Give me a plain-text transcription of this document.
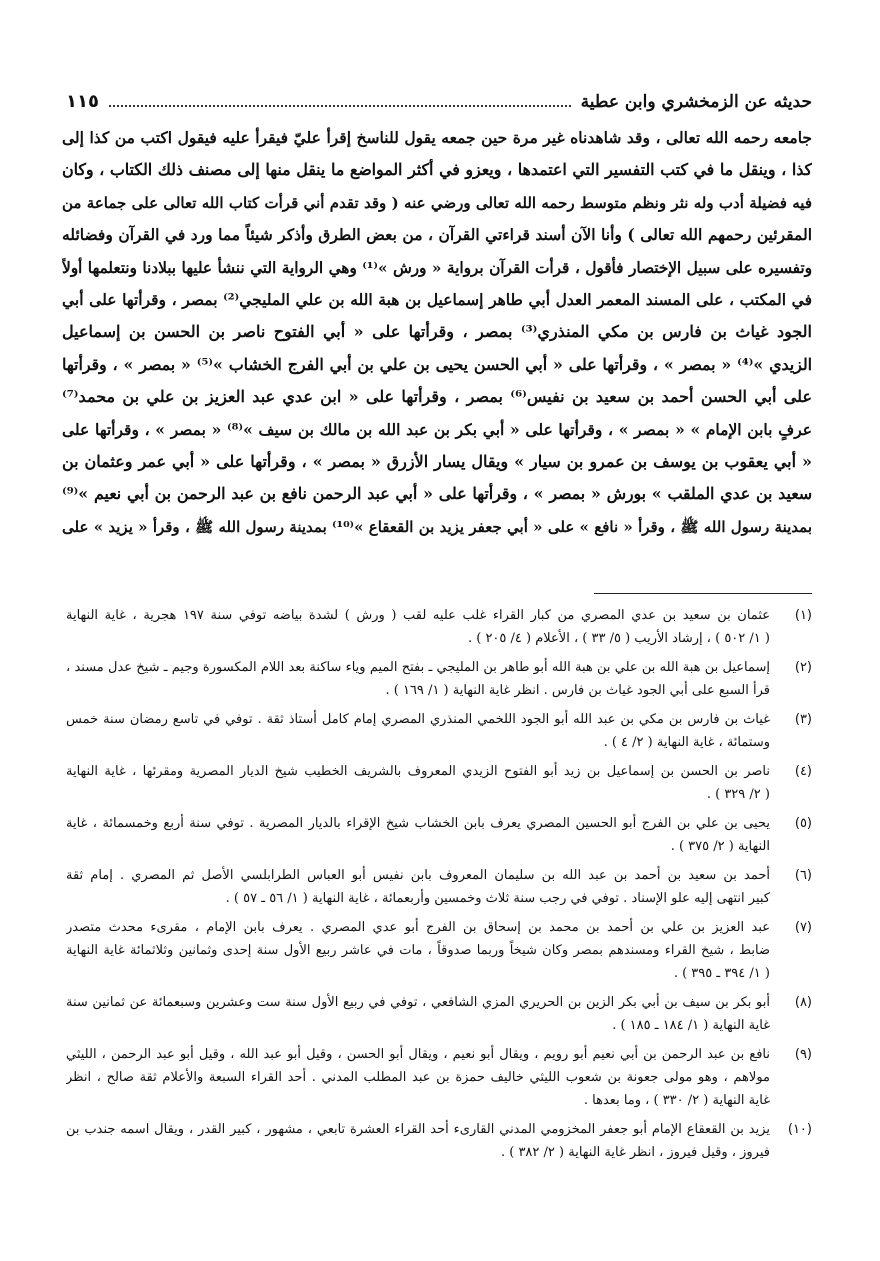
حديثه عن الزمخشري وابن عطية
١١٥
جامعه رحمه الله تعالى ، وقد شاهدناه غير مرة حين جمعه يقول للناسخ إقرأ عليّ فيقرأ عليه فيقول اكتب من كذا إلى
كذا ، وينقل ما في كتب التفسير التي اعتمدها ، ويعزو في أكثر المواضع ما ينقل منها إلى مصنف ذلك الكتاب ، وكان
فيه فضيلة أدب وله نثر ونظم متوسط رحمه الله تعالى ورضي عنه ( وقد تقدم أني قرأت كتاب الله تعالى على جماعة من
المقرئين رحمهم الله تعالى ) وأنا الآن أسند قراءتي القرآن ، من بعض الطرق وأذكر شيئاً مما ورد في القرآن وفضائله
وتفسيره على سبيل الإختصار فأقول ، قرأت القرآن برواية « ورش »⁽¹⁾ وهي الرواية التي ننشأ عليها ببلادنا ونتعلمها أولاً
في المكتب ، على المسند المعمر العدل أبي طاهر إسماعيل بن هبة الله بن علي المليجي⁽²⁾ بمصر ، وقرأتها على أبي
الجود غياث بن فارس بن مكي المنذري⁽³⁾ بمصر ، وقرأتها على « أبي الفتوح ناصر بن الحسن بن إسماعيل
الزيدي »⁽⁴⁾ « بمصر » ، وقرأتها على « أبي الحسن يحيى بن علي بن أبي الفرج الخشاب »⁽⁵⁾ « بمصر » ، وقرأتها
على أبي الحسن أحمد بن سعيد بن نفيس⁽⁶⁾ بمصر ، وقرأتها على « ابن عدي عبد العزيز بن علي بن محمد⁽⁷⁾
عرفٍ بابن الإمام » « بمصر » ، وقرأتها على « أبي بكر بن عبد الله بن مالك بن سيف »⁽⁸⁾ « بمصر » ، وقرأتها على
« أبي يعقوب بن يوسف بن عمرو بن سيار » ويقال يسار الأزرق « بمصر » ، وقرأتها على « أبي عمر وعثمان بن
سعيد بن عدي الملقب » بورش « بمصر » ، وقرأتها على « أبي عبد الرحمن نافع بن عبد الرحمن بن أبي نعيم »⁽⁹⁾
بمدينة رسول الله ﷺ ، وقرأ « نافع » على « أبي جعفر يزيد بن القعقاع »⁽¹⁰⁾ بمدينة رسول الله ﷺ ، وقرأ « يزيد » على
(١)
عثمان بن سعيد بن عدي المصري من كبار القراء غلب عليه لقب ( ورش ) لشدة بياضه توفي سنة ١٩٧ هجرية ، غاية النهاية
( ١/ ٥٠٢ ) ، إرشاد الأريب ( ٥/ ٣٣ ) ، الأعلام ( ٤/ ٢٠٥ ) .
(٢)
إسماعيل بن هبة الله بن علي بن هبة الله أبو طاهر بن المليجي ـ بفتح الميم وياء ساكنة بعد اللام المكسورة وجيم ـ شيخ عدل مسند ،
قرأ السبع على أبي الجود غياث بن فارس . انظر غاية النهاية ( ١/ ١٦٩ ) .
(٣)
غياث بن فارس بن مكي بن عبد الله أبو الجود اللخمي المنذري المصري إمام كامل أستاذ ثقة . توفي في تاسع رمضان سنة خمس
وستمائة ، غاية النهاية ( ٢/ ٤ ) .
(٤)
ناصر بن الحسن بن إسماعيل بن زيد أبو الفتوح الزيدي المعروف بالشريف الخطيب شيخ الديار المصرية ومقرئها ، غاية النهاية
( ٢/ ٣٢٩ ) .
(٥)
يحيى بن علي بن الفرج أبو الحسين المصري يعرف بابن الخشاب شيخ الإقراء بالديار المصرية . توفي سنة أربع وخمسمائة ، غاية
النهاية ( ٢/ ٣٧٥ ) .
(٦)
أحمد بن سعيد بن أحمد بن عبد الله بن سليمان المعروف بابن نفيس أبو العباس الطرابلسي الأصل ثم المصري . إمام ثقة
كبير انتهى إليه علو الإسناد . توفي في رجب سنة ثلاث وخمسين وأربعمائة ، غاية النهاية ( ١/ ٥٦ ـ ٥٧ ) .
(٧)
عبد العزيز بن علي بن أحمد بن محمد بن إسحاق بن الفرج أبو عدي المصري . يعرف بابن الإمام ، مقرىء محدث متصدر
ضابط ، شيخ القراء ومسندهم بمصر وكان شيخاً وربما صدوقاً ، مات في عاشر ربيع الأول سنة إحدى وثمانين وثلاثمائة غاية النهاية
( ١/ ٣٩٤ ـ ٣٩٥ ) .
(٨)
أبو بكر بن سيف بن أبي بكر الزين بن الحريري المزي الشافعي ، توفي في ربيع الأول سنة ست وعشرين وسبعمائة عن ثمانين سنة
غاية النهاية ( ١/ ١٨٤ ـ ١٨٥ ) .
(٩)
نافع بن عبد الرحمن بن أبي نعيم أبو رويم ، ويقال أبو نعيم ، ويقال أبو الحسن ، وقيل أبو عبد الله ، وقيل أبو عبد الرحمن ، الليثي
مولاهم ، وهو مولى جعونة بن شعوب الليثي خاليف حمزة بن عبد المطلب المدني . أحد القراء السبعة والأعلام ثقة صالح ، انظر
غاية النهاية ( ٢/ ٣٣٠ ) ، وما بعدها .
(١٠)
يزيد بن القعقاع الإمام أبو جعفر المخزومي المدني القارىء أحد القراء العشرة تابعي ، مشهور ، كبير القدر ، ويقال اسمه جندب بن
فيروز ، وقيل فيروز ، انظر غاية النهاية ( ٢/ ٣٨٢ ) .
